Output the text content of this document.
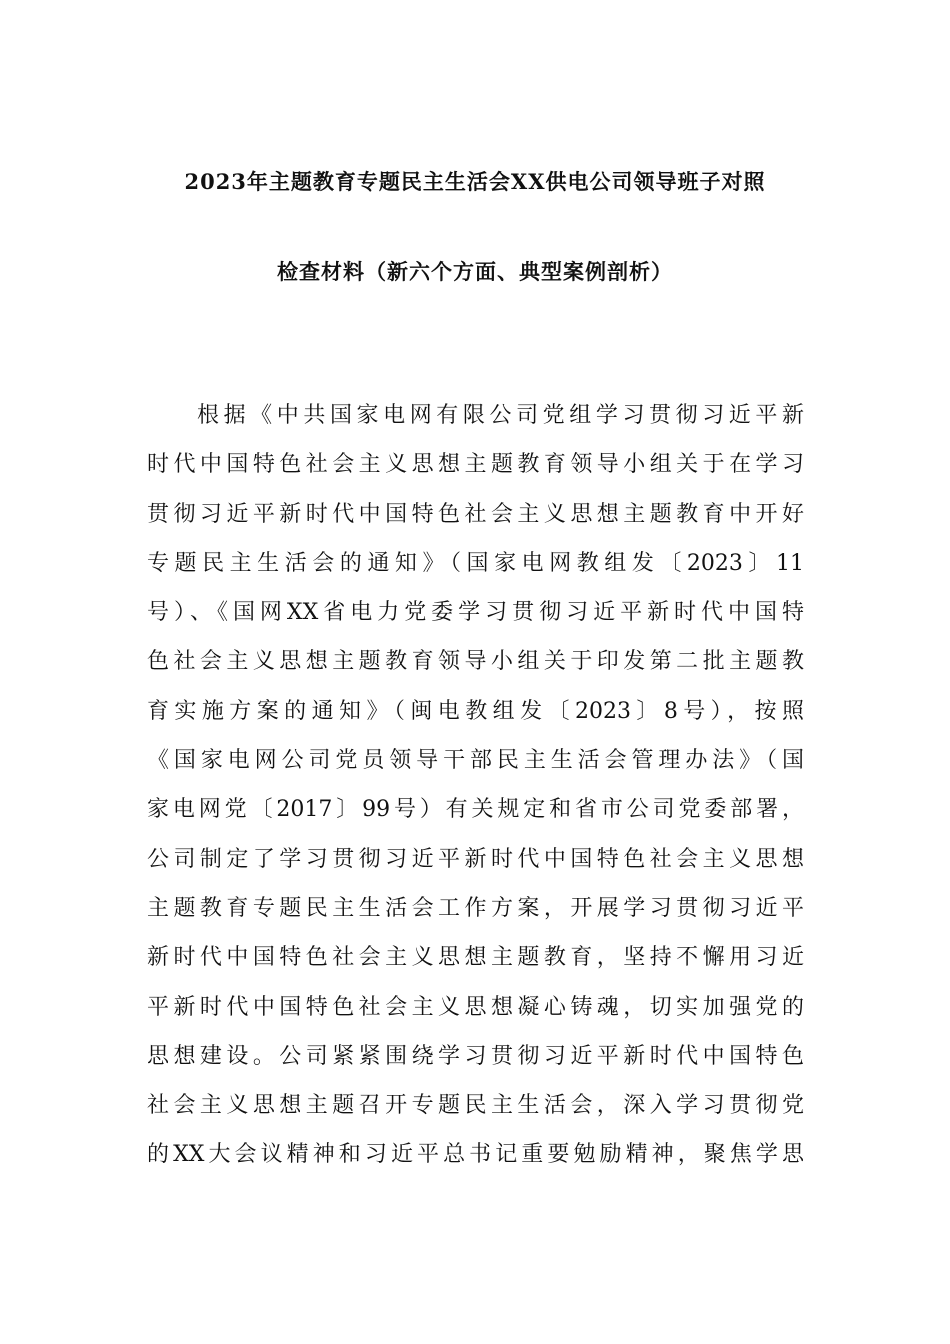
2023年主题教育专题民主生活会XX供电公司领导班子对照
检查材料（新六个方面、典型案例剖析）
根据《中共国家电网有限公司党组学习贯彻习近平新
时代中国特色社会主义思想主题教育领导小组关于在学习
贯彻习近平新时代中国特色社会主义思想主题教育中开好
专题民主生活会的通知》（国家电网教组发〔2023〕11
号）、《国网XX省电力党委学习贯彻习近平新时代中国特
色社会主义思想主题教育领导小组关于印发第二批主题教
育实施方案的通知》（闽电教组发〔2023〕8号），按照
《国家电网公司党员领导干部民主生活会管理办法》（国
家电网党〔2017〕99号）有关规定和省市公司党委部署，
公司制定了学习贯彻习近平新时代中国特色社会主义思想
主题教育专题民主生活会工作方案，开展学习贯彻习近平
新时代中国特色社会主义思想主题教育，坚持不懈用习近
平新时代中国特色社会主义思想凝心铸魂，切实加强党的
思想建设。公司紧紧围绕学习贯彻习近平新时代中国特色
社会主义思想主题召开专题民主生活会，深入学习贯彻党
的XX大会议精神和习近平总书记重要勉励精神，聚焦学思
